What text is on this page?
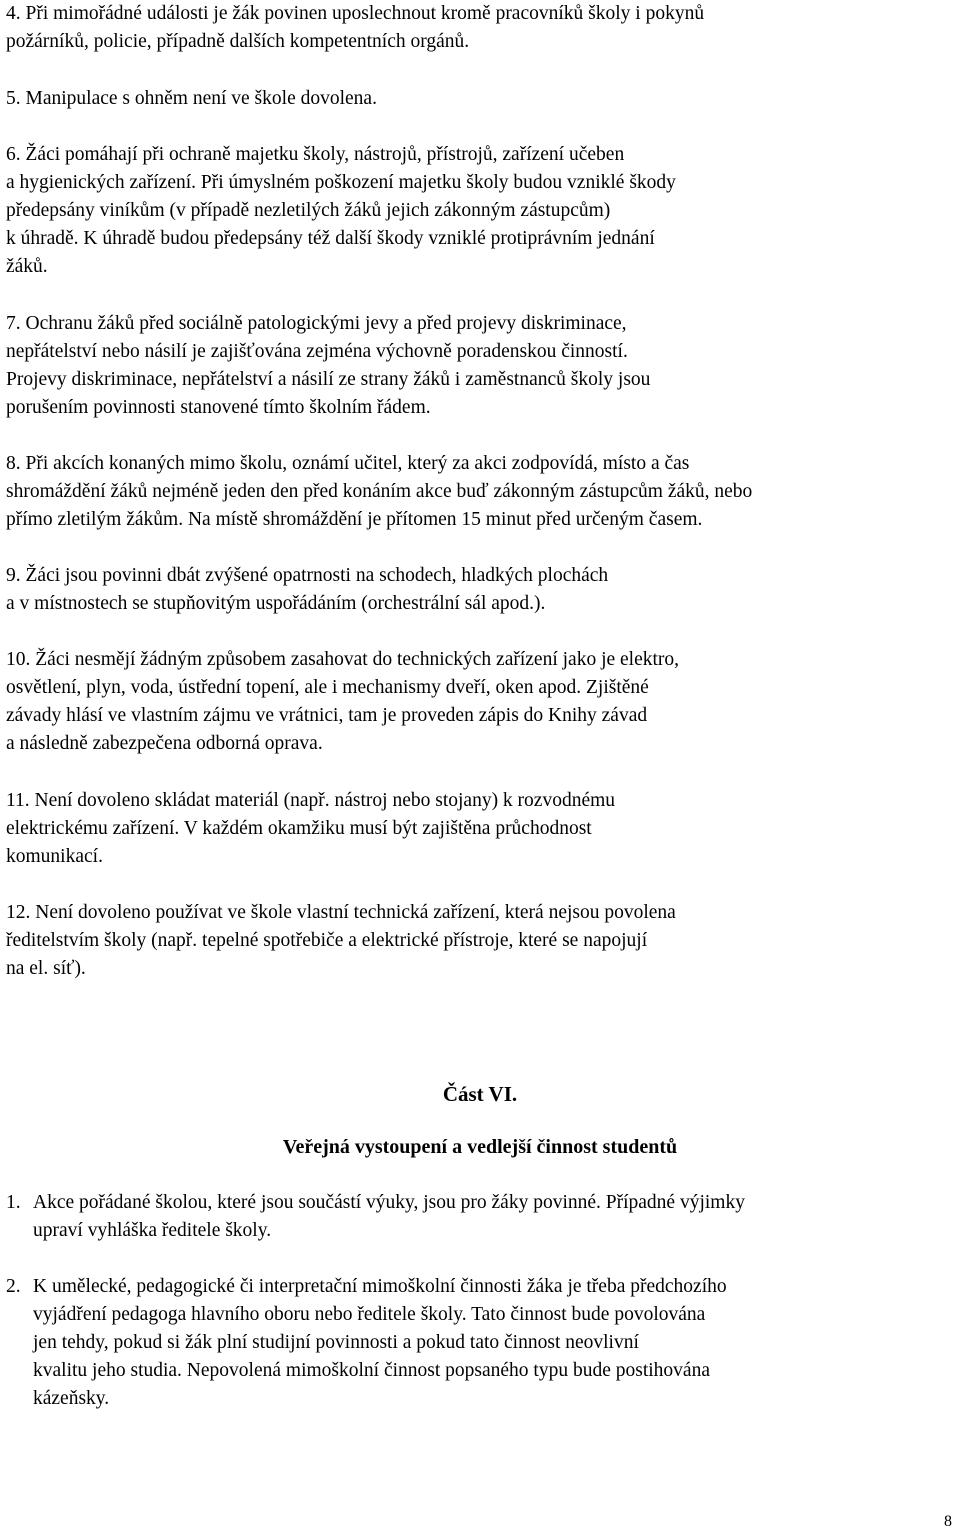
4. Při mimořádné události je žák povinen uposlechnout kromě pracovníků školy i pokynů
požárníků, policie, případně dalších kompetentních orgánů.

5. Manipulace s ohněm není ve škole dovolena.

6. Žáci pomáhají při ochraně majetku školy, nástrojů, přístrojů, zařízení učeben
a hygienických zařízení. Při úmyslném poškození majetku školy budou vzniklé škody
předepsány viníkům (v případě nezletilých žáků jejich zákonným zástupcům)
k úhradě. K úhradě budou předepsány též další škody vzniklé protiprávním jednání
žáků.

7. Ochranu žáků před sociálně patologickými jevy a před projevy diskriminace,
nepřátelství nebo násilí je zajišťována zejména výchovně poradenskou činností.
Projevy diskriminace, nepřátelství a násilí ze strany žáků i zaměstnanců školy jsou
porušením povinnosti stanovené tímto školním řádem.

8. Při akcích konaných mimo školu, oznámí učitel, který za akci zodpovídá, místo a čas
shromáždění žáků nejméně jeden den před konáním akce buď zákonným zástupcům žáků, nebo
přímo zletilým žákům. Na místě shromáždění je přítomen 15 minut před určeným časem.

9. Žáci jsou povinni dbát zvýšené opatrnosti na schodech, hladkých plochách
a v místnostech se stupňovitým uspořádáním (orchestrální sál apod.).

10. Žáci nesmějí žádným způsobem zasahovat do technických zařízení jako je elektro,
osvětlení, plyn, voda, ústřední topení, ale i mechanismy dveří, oken apod. Zjištěné
závady hlásí ve vlastním zájmu ve vrátnici, tam je proveden zápis do Knihy závad
a následně zabezpečena odborná oprava.

11. Není dovoleno skládat materiál (např. nástroj nebo stojany) k rozvodnému
elektrickému zařízení. V každém okamžiku musí být zajištěna průchodnost
komunikací.

12. Není dovoleno používat ve škole vlastní technická zařízení, která nejsou povolena
ředitelstvím školy (např. tepelné spotřebiče a elektrické přístroje, které se napojují
na el. síť).

Část VI.
Veřejná vystoupení a vedlejší činnost studentů
1. Akce pořádané školou, které jsou součástí výuky, jsou pro žáky povinné. Případné výjimky
upraví vyhláška ředitele školy.
2. K umělecké, pedagogické či interpretační mimoškolní činnosti žáka je třeba předchozího
vyjádření pedagoga hlavního oboru nebo ředitele školy. Tato činnost bude povolována
jen tehdy, pokud si žák plní studijní povinnosti a pokud tato činnost neovlivní
kvalitu jeho studia. Nepovolená mimoškolní činnost popsaného typu bude postihována
kázeňsky.
8
